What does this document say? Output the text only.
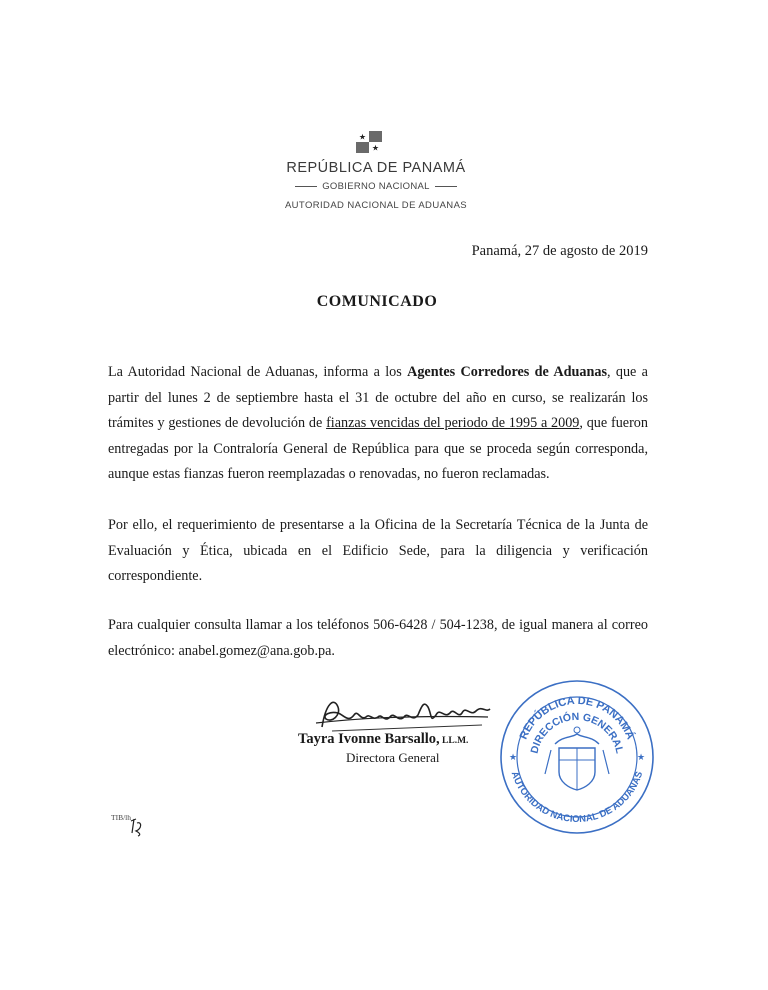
★
★
REPÚBLICA DE PANAMÁ
GOBIERNO NACIONAL
AUTORIDAD NACIONAL DE ADUANAS
Panamá, 27 de agosto de 2019
COMUNICADO
La Autoridad Nacional de Aduanas, informa a los Agentes Corredores de Aduanas, que a partir del lunes 2 de septiembre hasta el 31 de octubre del año en curso, se realizarán los trámites y gestiones de devolución de fianzas vencidas del periodo de 1995 a 2009, que fueron entregadas por la Contraloría General de República para que se proceda según corresponda, aunque estas fianzas fueron reemplazadas o renovadas, no fueron reclamadas.
Por ello, el requerimiento de presentarse a la Oficina de la Secretaría Técnica de la Junta de Evaluación y Ética, ubicada en el Edificio Sede, para la diligencia y verificación correspondiente.
Para cualquier consulta llamar a los teléfonos 506-6428 / 504-1238, de igual manera al correo electrónico: anabel.gomez@ana.gob.pa.
Tayra Ivonne Barsallo, LL.M.
Directora General
REPÚBLICA DE PANAMÁ
DIRECCIÓN GENERAL
AUTORIDAD NACIONAL DE ADUANAS
★	★
TIB/lh
